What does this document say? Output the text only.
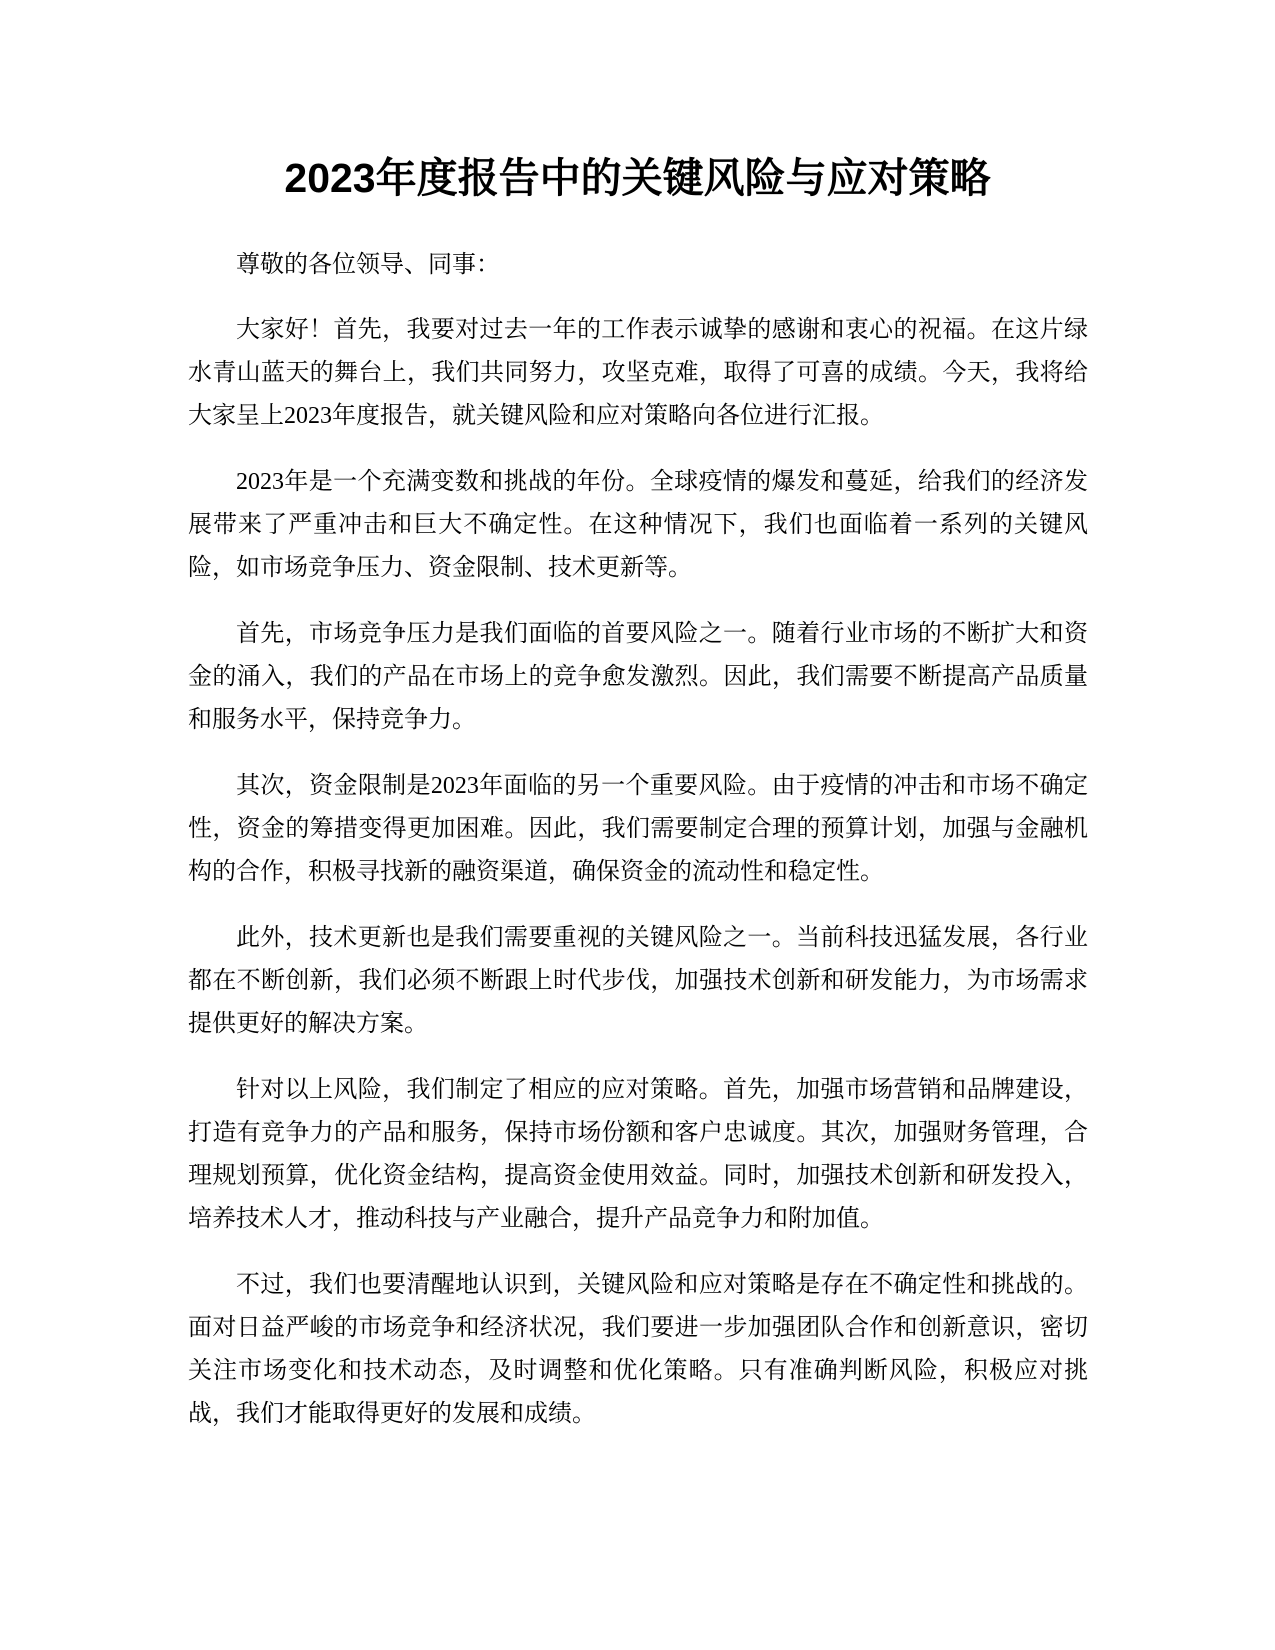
2023年度报告中的关键风险与应对策略

尊敬的各位领导、同事：

大家好！首先，我要对过去一年的工作表示诚挚的感谢和衷心的祝福。在这片绿水青山蓝天的舞台上，我们共同努力，攻坚克难，取得了可喜的成绩。今天，我将给大家呈上2023年度报告，就关键风险和应对策略向各位进行汇报。

2023年是一个充满变数和挑战的年份。全球疫情的爆发和蔓延，给我们的经济发展带来了严重冲击和巨大不确定性。在这种情况下，我们也面临着一系列的关键风险，如市场竞争压力、资金限制、技术更新等。

首先，市场竞争压力是我们面临的首要风险之一。随着行业市场的不断扩大和资金的涌入，我们的产品在市场上的竞争愈发激烈。因此，我们需要不断提高产品质量和服务水平，保持竞争力。

其次，资金限制是2023年面临的另一个重要风险。由于疫情的冲击和市场不确定性，资金的筹措变得更加困难。因此，我们需要制定合理的预算计划，加强与金融机构的合作，积极寻找新的融资渠道，确保资金的流动性和稳定性。

此外，技术更新也是我们需要重视的关键风险之一。当前科技迅猛发展，各行业都在不断创新，我们必须不断跟上时代步伐，加强技术创新和研发能力，为市场需求提供更好的解决方案。

针对以上风险，我们制定了相应的应对策略。首先，加强市场营销和品牌建设，打造有竞争力的产品和服务，保持市场份额和客户忠诚度。其次，加强财务管理，合理规划预算，优化资金结构，提高资金使用效益。同时，加强技术创新和研发投入，培养技术人才，推动科技与产业融合，提升产品竞争力和附加值。

不过，我们也要清醒地认识到，关键风险和应对策略是存在不确定性和挑战的。面对日益严峻的市场竞争和经济状况，我们要进一步加强团队合作和创新意识，密切关注市场变化和技术动态，及时调整和优化策略。只有准确判断风险，积极应对挑战，我们才能取得更好的发展和成绩。
